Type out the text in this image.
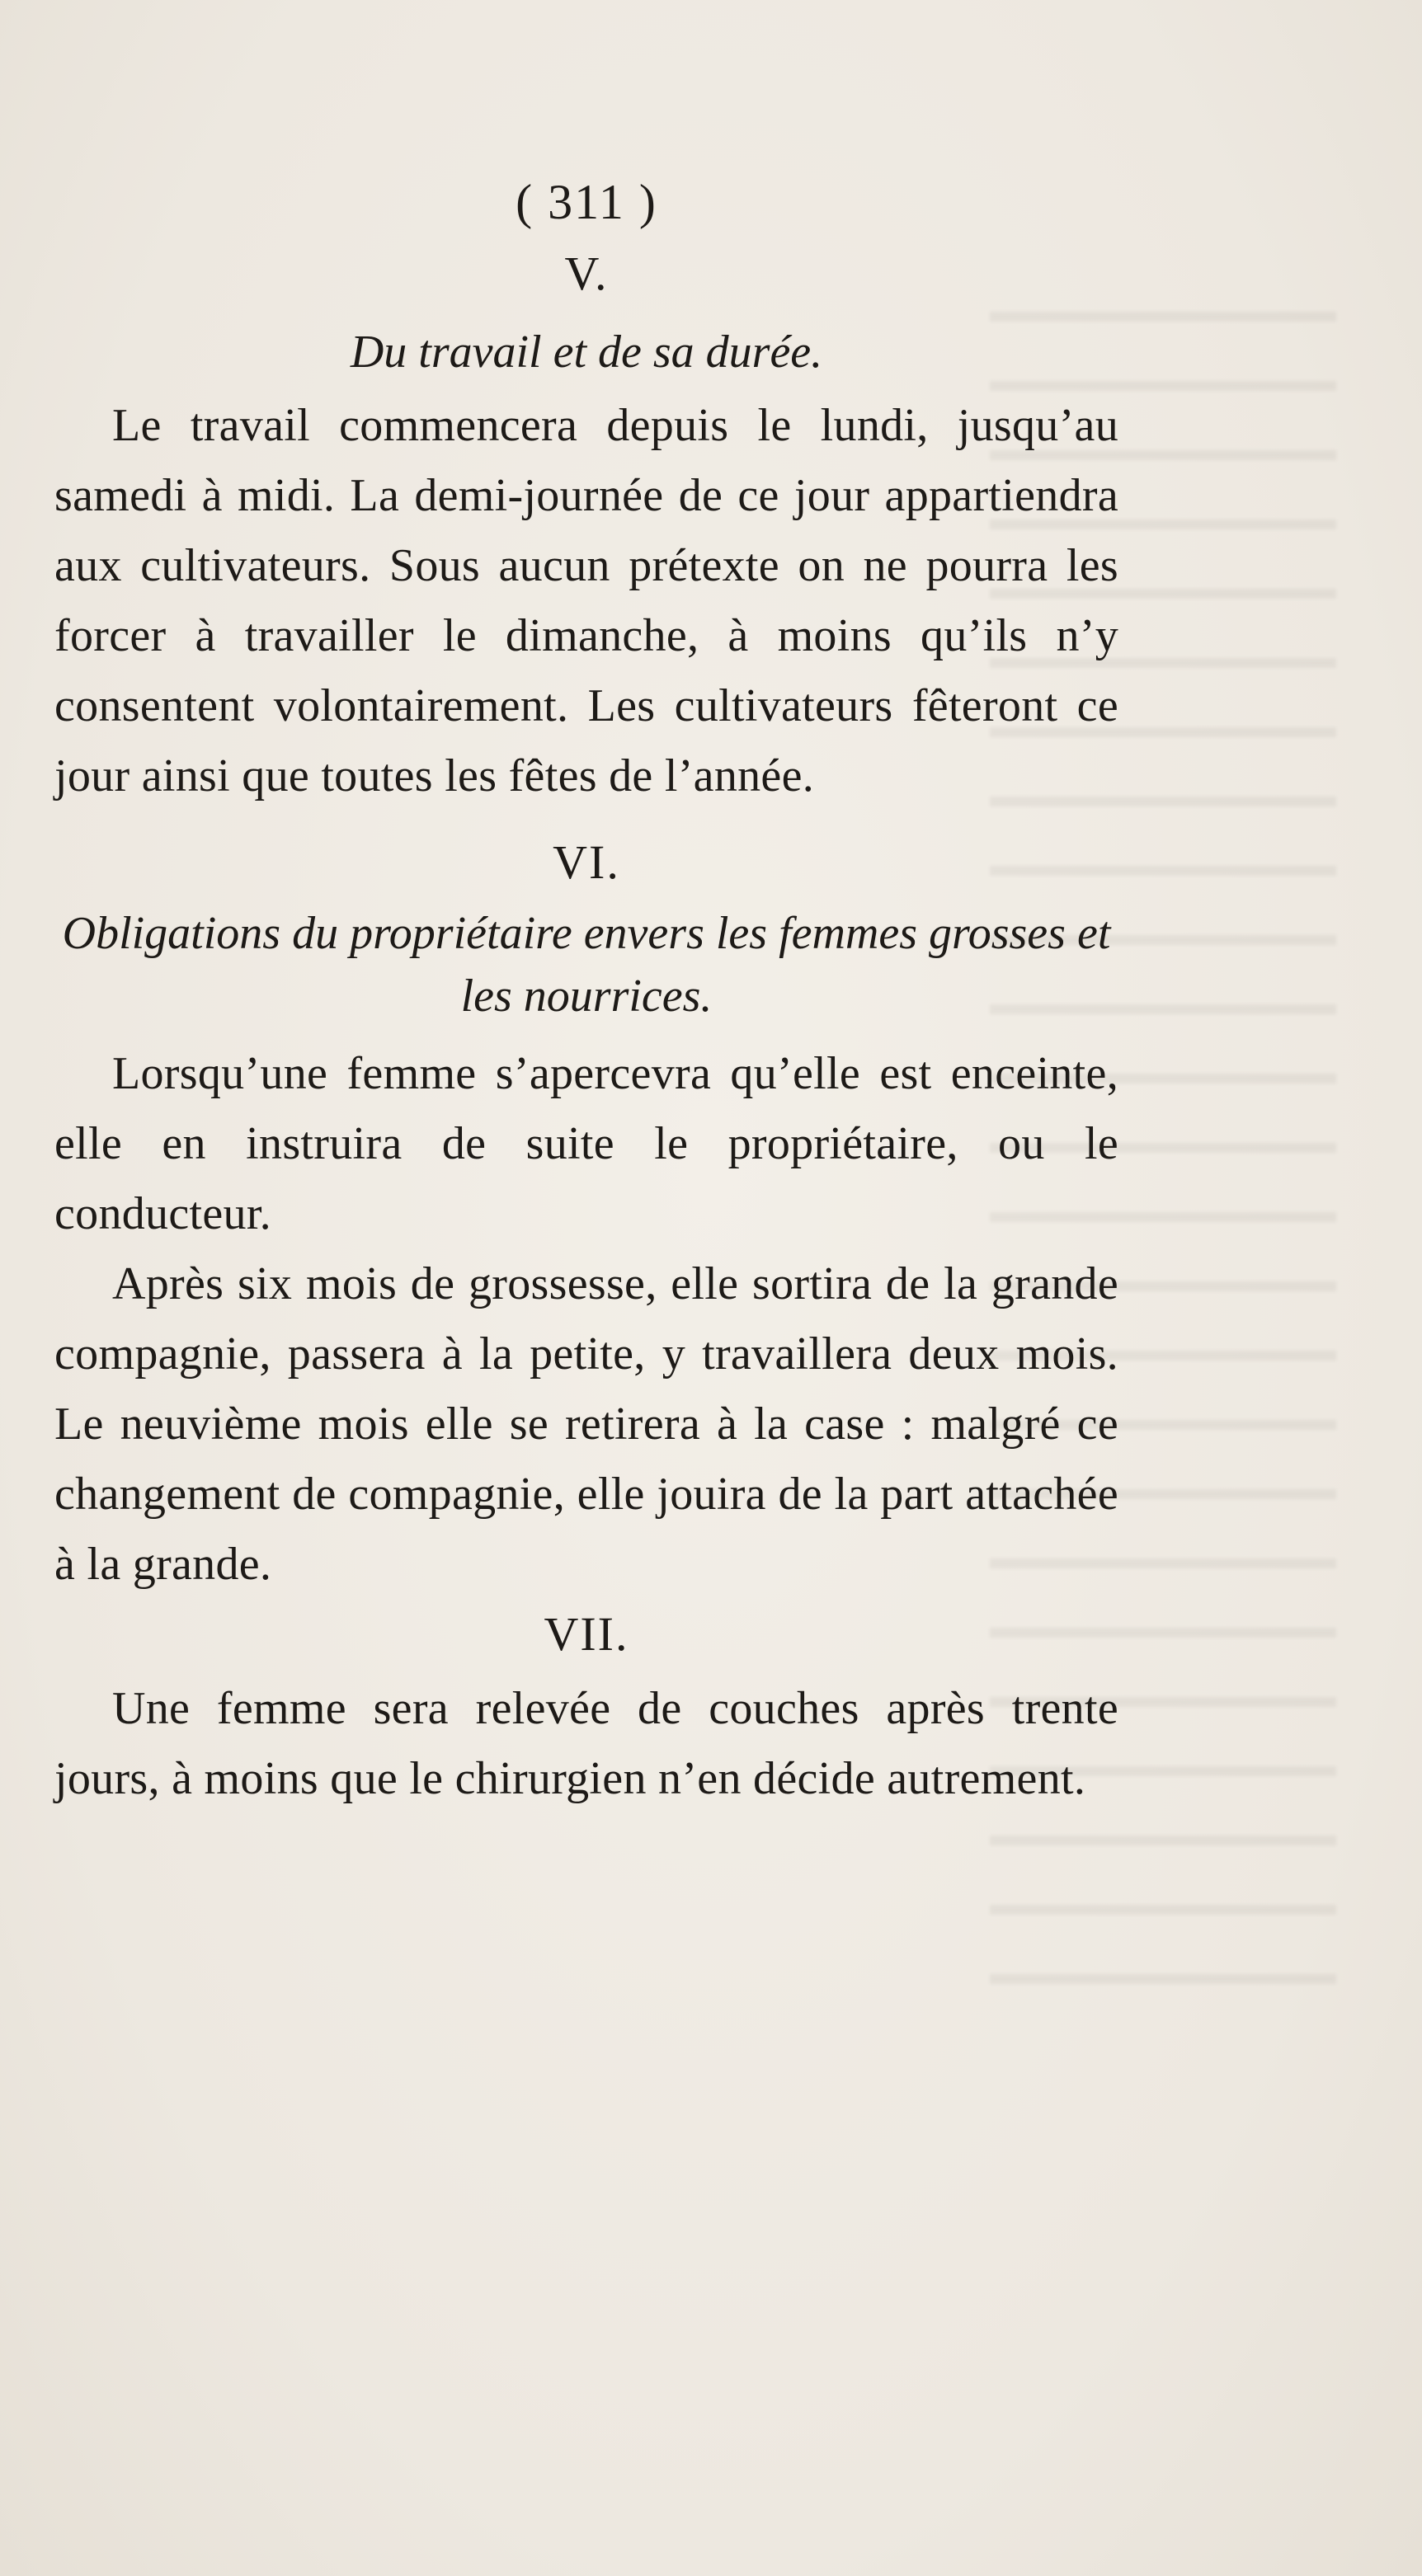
( 311 )

V.

Du travail et de sa durée.

Le travail commencera depuis le lundi, jusqu’au samedi à midi. La demi-journée de ce jour appartiendra aux cultivateurs. Sous aucun prétexte on ne pourra les forcer à travailler le dimanche, à moins qu’ils n’y consentent volontairement. Les cultivateurs fêteront ce jour ainsi que toutes les fêtes de l’année.

VI.

Obligations du propriétaire envers les femmes grosses et les nourrices.

Lorsqu’une femme s’apercevra qu’elle est enceinte, elle en instruira de suite le propriétaire, ou le conducteur.

Après six mois de grossesse, elle sortira de la grande compagnie, passera à la petite, y travaillera deux mois. Le neuvième mois elle se retirera à la case : malgré ce changement de compagnie, elle jouira de la part attachée à la grande.

VII.

Une femme sera relevée de couches après trente jours, à moins que le chirurgien n’en décide autrement.
